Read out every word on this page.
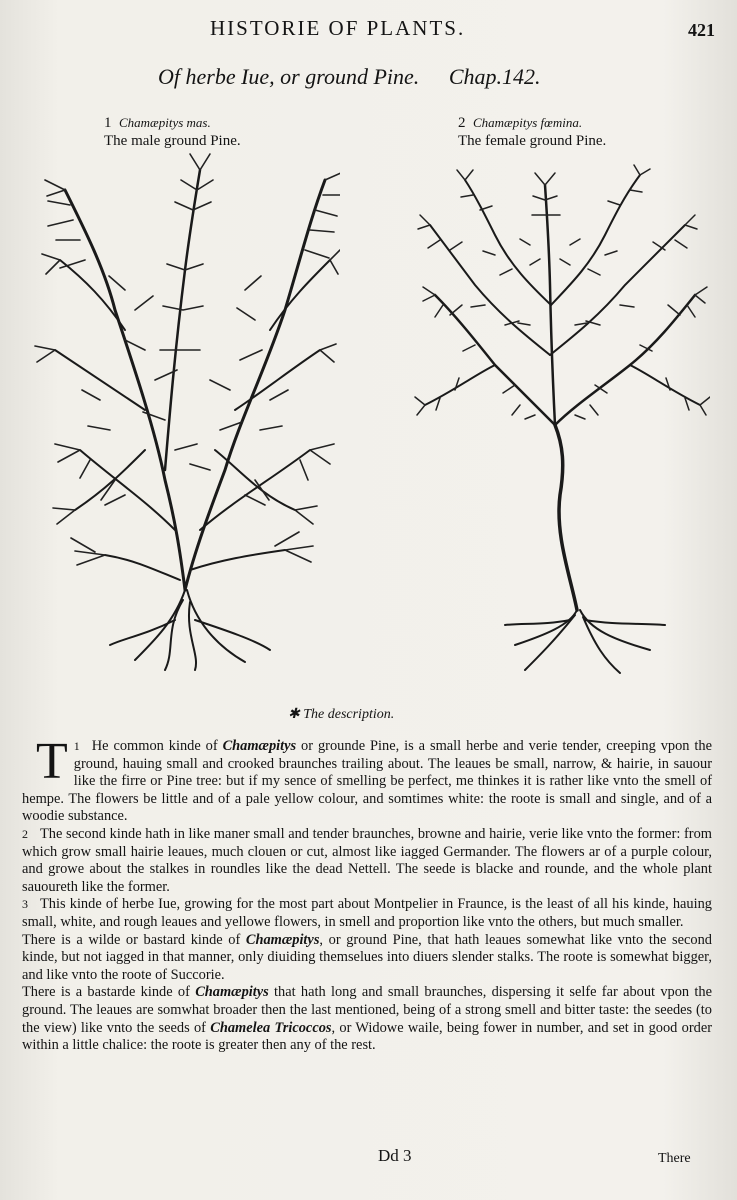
HISTORIE OF PLANTS.	421
Of herbe Iue, or ground Pine. Chap.142.
1 Chamæpitys mas.
The male ground Pine.
2 Chamæpitys fœmina.
The female ground Pine.
✱ The description.

1
T He common kinde of Chamæpitys or grounde Pine, is a small herbe and verie tender, creeping vpon the ground, hauing small and crooked braunches trailing about. The leaues be small, narrow, & hairie, in sauour like the firre or Pine tree: but if my sence of smelling be perfect, me thinkes it is rather like vnto the smell of hempe. The flowers be little and of a pale yellow colour, and somtimes white: the roote is small and single, and of a woodie substance.

2 The second kinde hath in like maner small and tender braunches, browne and hairie, verie like vnto the former: from which grow small hairie leaues, much clouen or cut, almost like iagged Germander. The flowers ar of a purple colour, and growe about the stalkes in roundles like the dead Nettell. The seede is blacke and rounde, and the whole plant sauoureth like the former.

3 This kinde of herbe Iue, growing for the most part about Montpelier in Fraunce, is the least of all his kinde, hauing small, white, and rough leaues and yellowe flowers, in smell and proportion like vnto the others, but much smaller.

There is a wilde or bastard kinde of Chamæpitys, or ground Pine, that hath leaues somewhat like vnto the second kinde, but not iagged in that manner, only diuiding themselues into diuers slender stalks. The roote is somewhat bigger, and like vnto the roote of Succorie.

There is a bastarde kinde of Chamæpitys that hath long and small braunches, dispersing it selfe far about vpon the ground. The leaues are somwhat broader then the last mentioned, being of a strong smell and bitter taste: the seedes (to the view) like vnto the seeds of Chamelea Tricoccos, or Widowe waile, being fower in number, and set in good order within a little chalice: the roote is greater then any of the rest.

Dd 3	There
